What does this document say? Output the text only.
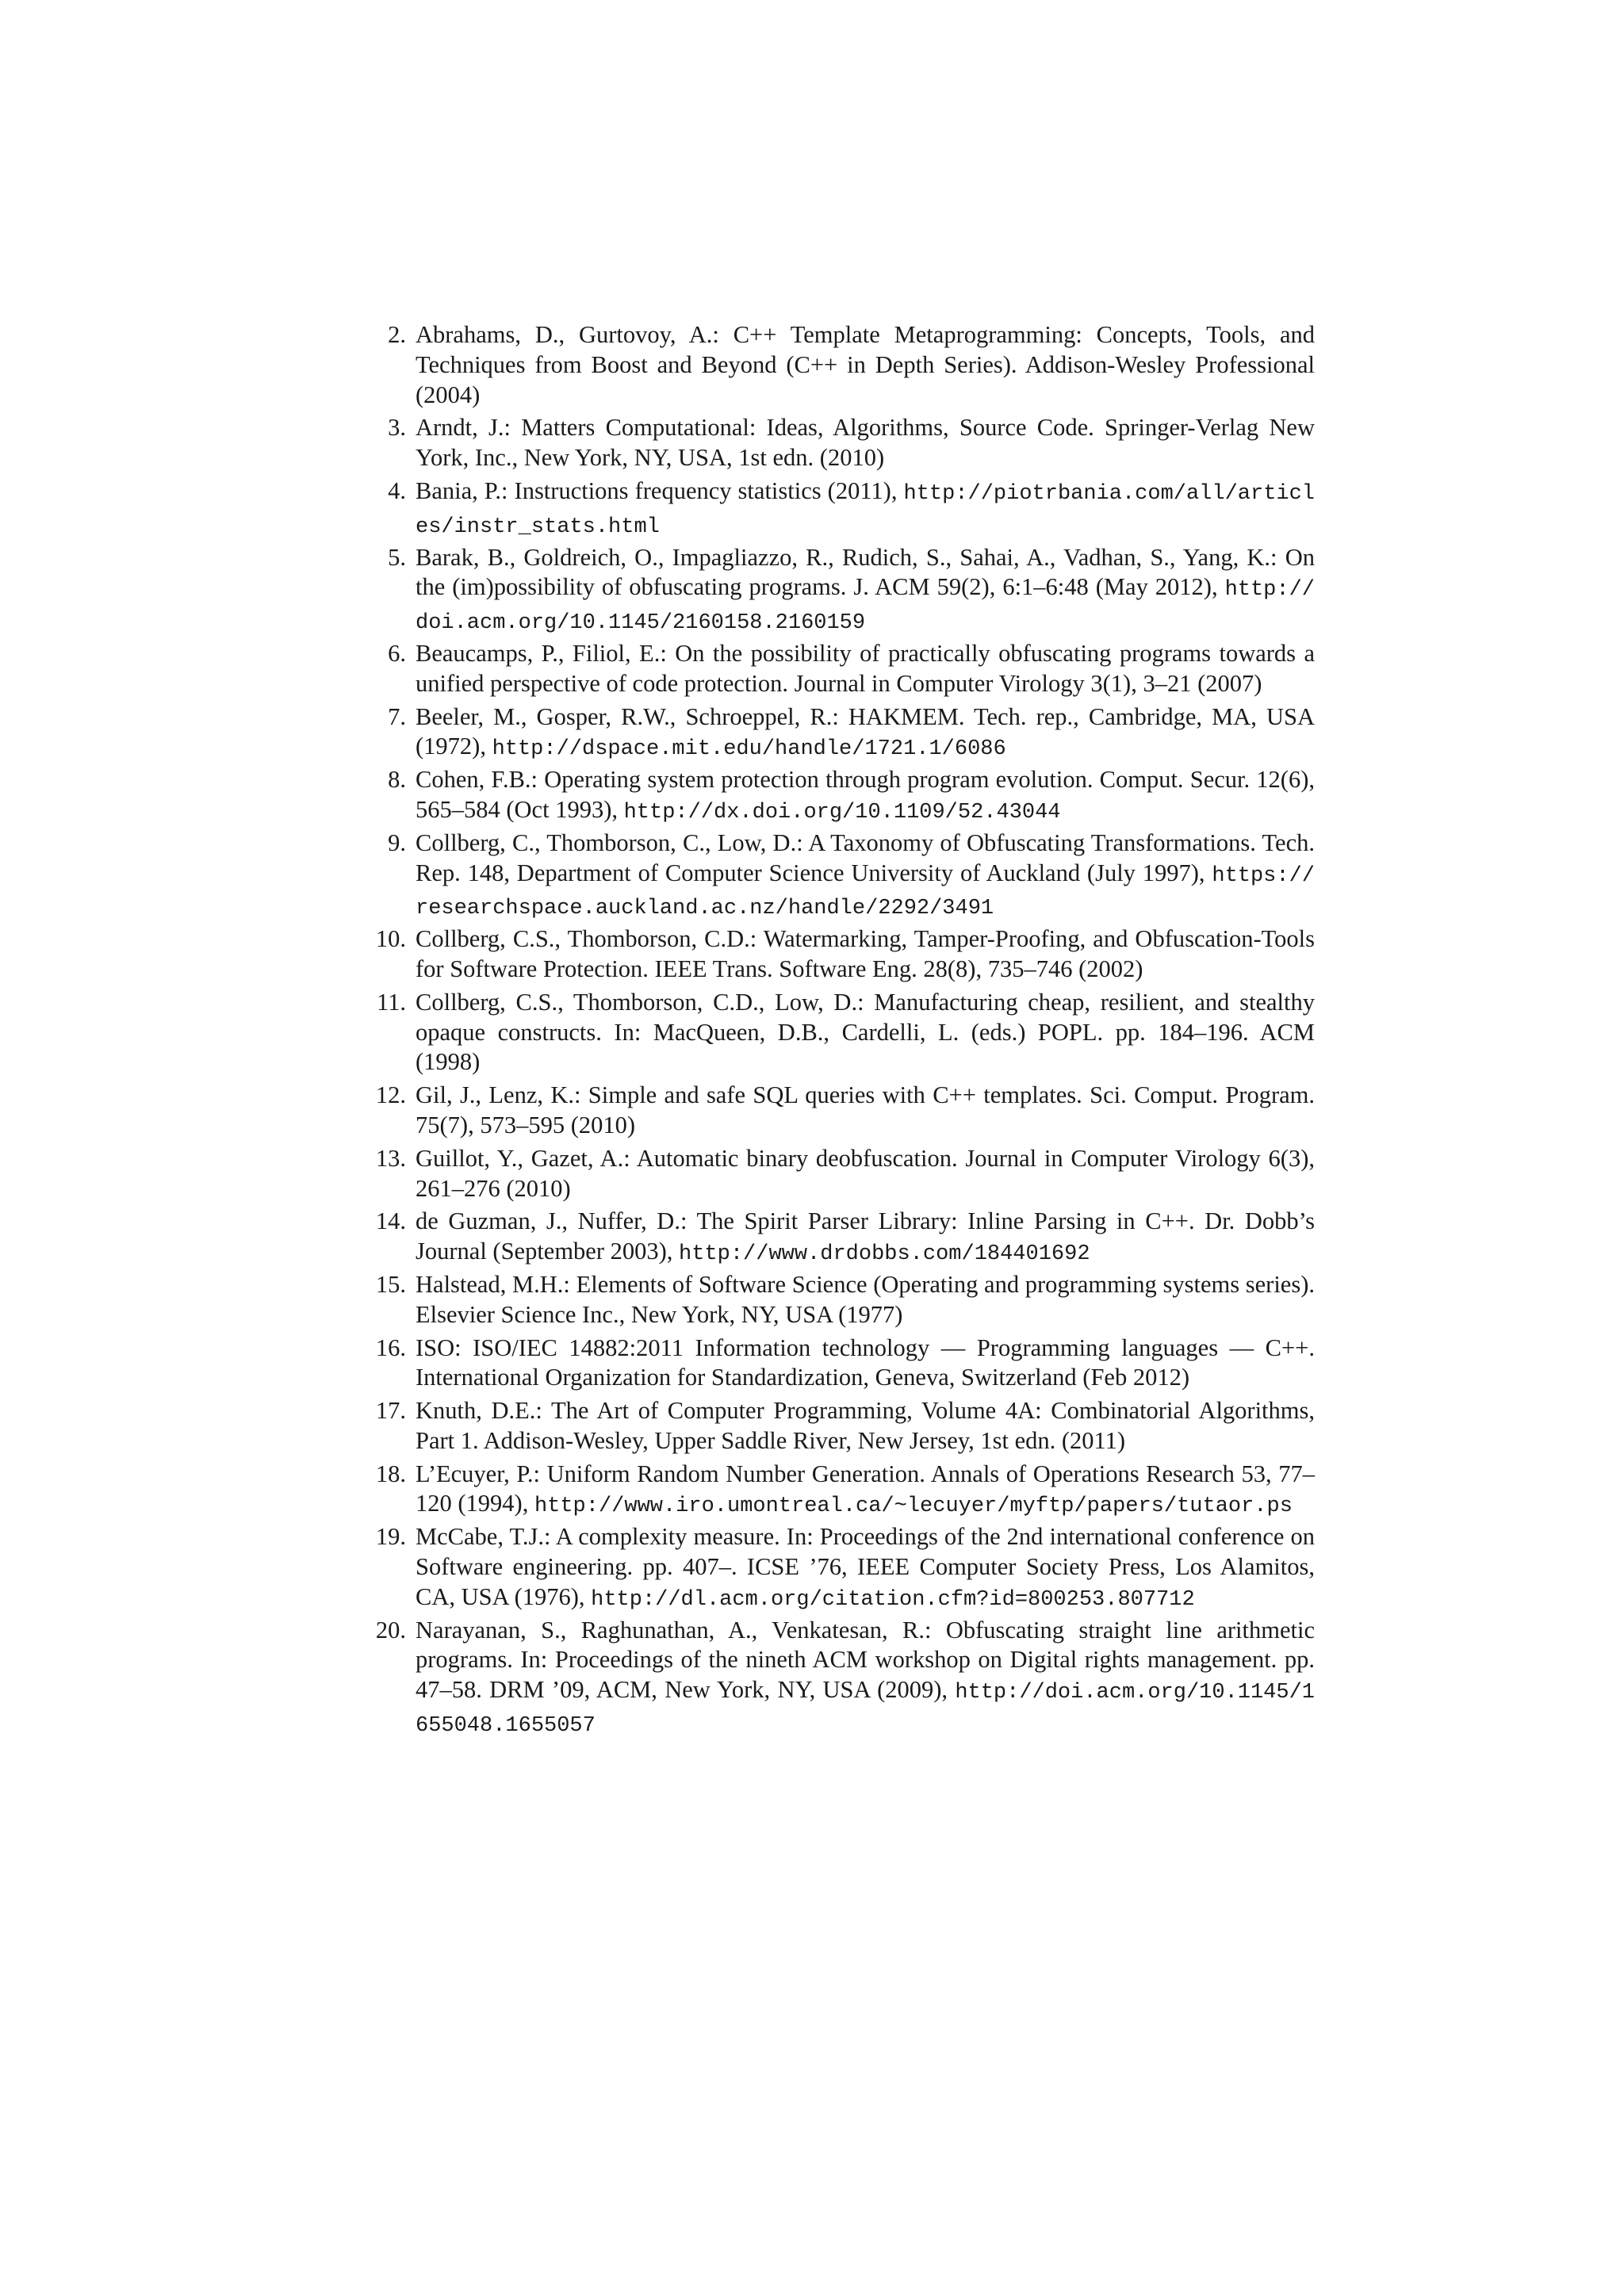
2. Abrahams, D., Gurtovoy, A.: C++ Template Metaprogramming: Concepts, Tools, and Techniques from Boost and Beyond (C++ in Depth Series). Addison-Wesley Professional (2004)
3. Arndt, J.: Matters Computational: Ideas, Algorithms, Source Code. Springer-Verlag New York, Inc., New York, NY, USA, 1st edn. (2010)
4. Bania, P.: Instructions frequency statistics (2011), http://piotrbania.com/all/articles/instr_stats.html
5. Barak, B., Goldreich, O., Impagliazzo, R., Rudich, S., Sahai, A., Vadhan, S., Yang, K.: On the (im)possibility of obfuscating programs. J. ACM 59(2), 6:1–6:48 (May 2012), http://doi.acm.org/10.1145/2160158.2160159
6. Beaucamps, P., Filiol, E.: On the possibility of practically obfuscating programs towards a unified perspective of code protection. Journal in Computer Virology 3(1), 3–21 (2007)
7. Beeler, M., Gosper, R.W., Schroeppel, R.: HAKMEM. Tech. rep., Cambridge, MA, USA (1972), http://dspace.mit.edu/handle/1721.1/6086
8. Cohen, F.B.: Operating system protection through program evolution. Comput. Secur. 12(6), 565–584 (Oct 1993), http://dx.doi.org/10.1109/52.43044
9. Collberg, C., Thomborson, C., Low, D.: A Taxonomy of Obfuscating Transformations. Tech. Rep. 148, Department of Computer Science University of Auckland (July 1997), https://researchspace.auckland.ac.nz/handle/2292/3491
10. Collberg, C.S., Thomborson, C.D.: Watermarking, Tamper-Proofing, and Obfuscation-Tools for Software Protection. IEEE Trans. Software Eng. 28(8), 735–746 (2002)
11. Collberg, C.S., Thomborson, C.D., Low, D.: Manufacturing cheap, resilient, and stealthy opaque constructs. In: MacQueen, D.B., Cardelli, L. (eds.) POPL. pp. 184–196. ACM (1998)
12. Gil, J., Lenz, K.: Simple and safe SQL queries with C++ templates. Sci. Comput. Program. 75(7), 573–595 (2010)
13. Guillot, Y., Gazet, A.: Automatic binary deobfuscation. Journal in Computer Virology 6(3), 261–276 (2010)
14. de Guzman, J., Nuffer, D.: The Spirit Parser Library: Inline Parsing in C++. Dr. Dobb’s Journal (September 2003), http://www.drdobbs.com/184401692
15. Halstead, M.H.: Elements of Software Science (Operating and programming systems series). Elsevier Science Inc., New York, NY, USA (1977)
16. ISO: ISO/IEC 14882:2011 Information technology — Programming languages — C++. International Organization for Standardization, Geneva, Switzerland (Feb 2012)
17. Knuth, D.E.: The Art of Computer Programming, Volume 4A: Combinatorial Algorithms, Part 1. Addison-Wesley, Upper Saddle River, New Jersey, 1st edn. (2011)
18. L’Ecuyer, P.: Uniform Random Number Generation. Annals of Operations Research 53, 77–120 (1994), http://www.iro.umontreal.ca/~lecuyer/myftp/papers/tutaor.ps
19. McCabe, T.J.: A complexity measure. In: Proceedings of the 2nd international conference on Software engineering. pp. 407–. ICSE ’76, IEEE Computer Society Press, Los Alamitos, CA, USA (1976), http://dl.acm.org/citation.cfm?id=800253.807712
20. Narayanan, S., Raghunathan, A., Venkatesan, R.: Obfuscating straight line arithmetic programs. In: Proceedings of the nineth ACM workshop on Digital rights management. pp. 47–58. DRM ’09, ACM, New York, NY, USA (2009), http://doi.acm.org/10.1145/1655048.1655057
